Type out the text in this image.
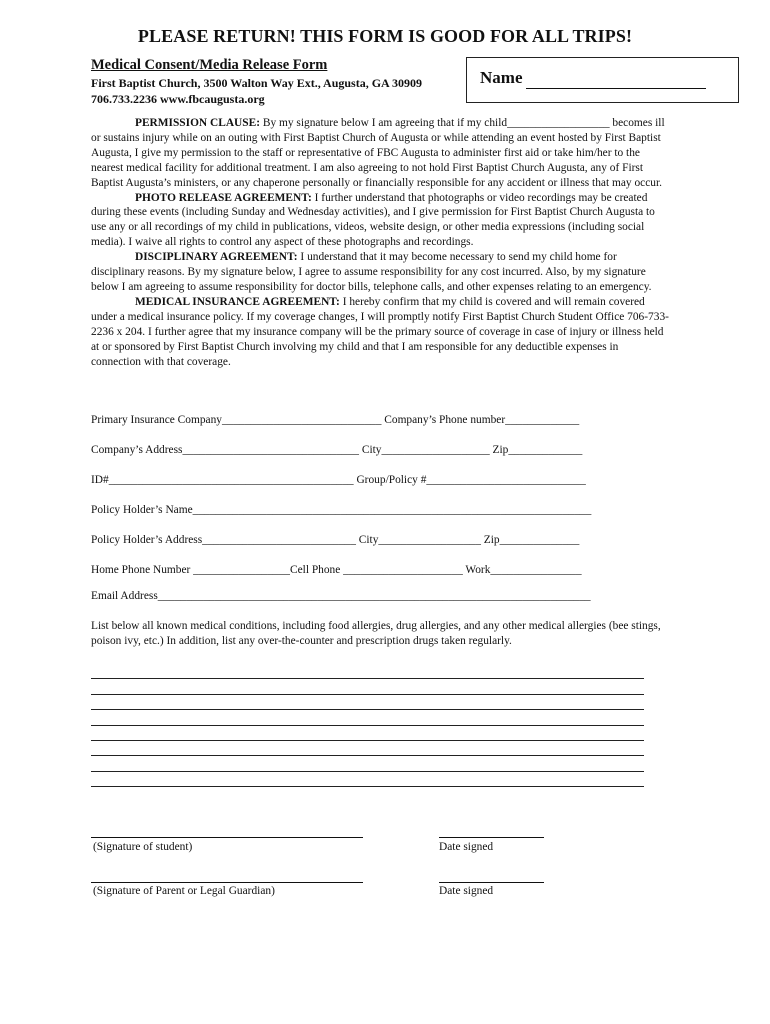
PLEASE RETURN! THIS FORM IS GOOD FOR ALL TRIPS!
Medical Consent/Media Release Form
First Baptist Church, 3500 Walton Way Ext., Augusta, GA 30909
706.733.2236 www.fbcaugusta.org
Name

PERMISSION CLAUSE: By my signature below I am agreeing that if my child__________________ becomes ill or sustains injury while on an outing with First Baptist Church of Augusta or while attending an event hosted by First Baptist Augusta, I give my permission to the staff or representative of FBC Augusta to administer first aid or take him/her to the nearest medical facility for additional treatment. I am also agreeing to not hold First Baptist Church Augusta, any of First Baptist Augusta’s ministers, or any chaperone personally or financially responsible for any accident or illness that may occur.

PHOTO RELEASE AGREEMENT: I further understand that photographs or video recordings may be created during these events (including Sunday and Wednesday activities), and I give permission for First Baptist Church Augusta to use any or all recordings of my child in publications, videos, website design, or other media expressions (including social media). I waive all rights to control any aspect of these photographs and recordings.

DISCIPLINARY AGREEMENT: I understand that it may become necessary to send my child home for disciplinary reasons. By my signature below, I agree to assume responsibility for any cost incurred. Also, by my signature below I am agreeing to assume responsibility for doctor bills, telephone calls, and other expenses relating to an emergency.

MEDICAL INSURANCE AGREEMENT: I hereby confirm that my child is covered and will remain covered under a medical insurance policy. If my coverage changes, I will promptly notify First Baptist Church Student Office 706-733-2236 x 204. I further agree that my insurance company will be the primary source of coverage in case of injury or illness held at or sponsored by First Baptist Church involving my child and that I am responsible for any deductible expenses in connection with that coverage.

Primary Insurance Company____________________________ Company’s Phone number_____________
Company’s Address_______________________________ City___________________ Zip_____________
ID#___________________________________________ Group/Policy #____________________________
Policy Holder’s Name______________________________________________________________________
Policy Holder’s Address___________________________ City__________________ Zip______________
Home Phone Number _________________Cell Phone _____________________ Work________________
Email Address____________________________________________________________________________
List below all known medical conditions, including food allergies, drug allergies, and any other medical allergies (bee stings, poison ivy, etc.) In addition, list any over-the-counter and prescription drugs taken regularly.
(Signature of student)	Date signed
(Signature of Parent or Legal Guardian)	Date signed
